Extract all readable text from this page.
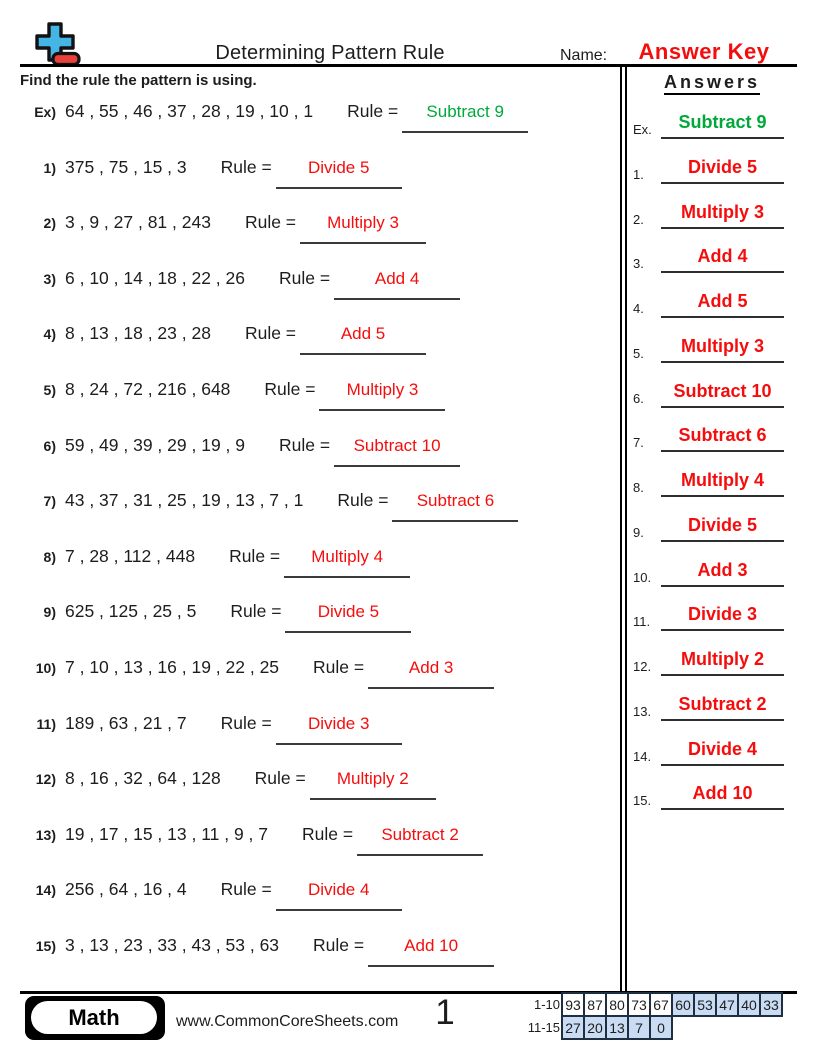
Determining Pattern Rule	Name:	Answer Key
Find the rule the pattern is using.
Ex) 64 , 55 , 46 , 37 , 28 , 19 , 10 , 1 Rule =	Subtract 9
1) 375 , 75 , 15 , 3 Rule =	Divide 5
2) 3 , 9 , 27 , 81 , 243 Rule =	Multiply 3
3) 6 , 10 , 14 , 18 , 22 , 26 Rule =	Add 4
4) 8 , 13 , 18 , 23 , 28 Rule =	Add 5
5) 8 , 24 , 72 , 216 , 648 Rule =	Multiply 3
6) 59 , 49 , 39 , 29 , 19 , 9 Rule =	Subtract 10
7) 43 , 37 , 31 , 25 , 19 , 13 , 7 , 1 Rule =	Subtract 6
8) 7 , 28 , 112 , 448 Rule =	Multiply 4
9) 625 , 125 , 25 , 5 Rule =	Divide 5
10) 7 , 10 , 13 , 16 , 19 , 22 , 25 Rule =	Add 3
11) 189 , 63 , 21 , 7 Rule =	Divide 3
12) 8 , 16 , 32 , 64 , 128 Rule =	Multiply 2
13) 19 , 17 , 15 , 13 , 11 , 9 , 7 Rule =	Subtract 2
14) 256 , 64 , 16 , 4 Rule =	Divide 4
15) 3 , 13 , 23 , 33 , 43 , 53 , 63 Rule =	Add 10
Answers
Ex.	Subtract 9
1.	Divide 5
2.	Multiply 3
3.	Add 4
4.	Add 5
5.	Multiply 3
6.	Subtract 10
7.	Subtract 6
8.	Multiply 4
9.	Divide 5
10.	Add 3
11.	Divide 3
12.	Multiply 2
13.	Subtract 2
14.	Divide 4
15.	Add 10
Math	www.CommonCoreSheets.com	1	1-10 93 87 80 73 67 60 53 47 40 33
11-15 27 20 13 7	0
